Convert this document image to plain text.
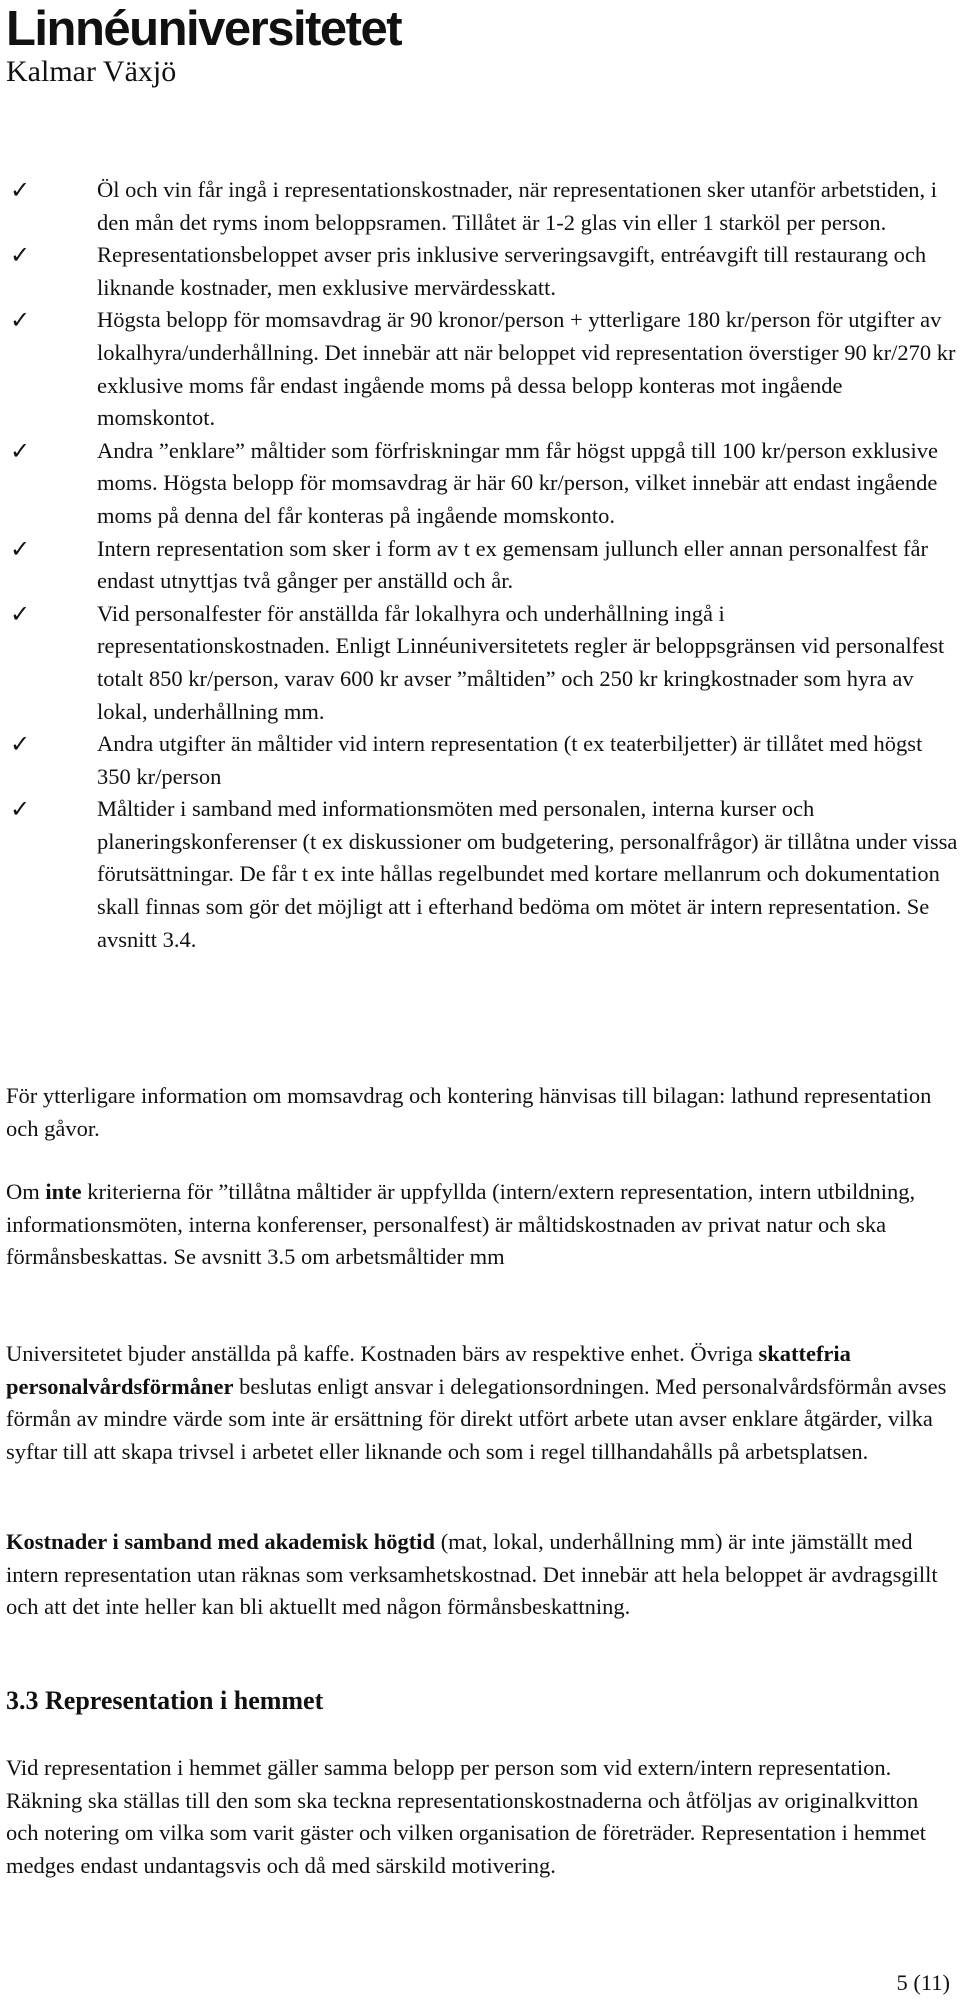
Linnéuniversitetet
Kalmar Växjö
✓	Öl och vin får ingå i representationskostnader, när representationen sker utanför arbetstiden, i den mån det ryms inom beloppsramen. Tillåtet är 1-2 glas vin eller 1 starköl per person.
✓	Representationsbeloppet avser pris inklusive serveringsavgift, entréavgift till restaurang och liknande kostnader, men exklusive mervärdesskatt.
✓	Högsta belopp för momsavdrag är 90 kronor/person + ytterligare 180 kr/person för utgifter av lokalhyra/underhållning. Det innebär att när beloppet vid representation överstiger 90 kr/270 kr exklusive moms får endast ingående moms på dessa belopp konteras mot ingående momskontot.
✓	Andra ”enklare” måltider som förfriskningar mm får högst uppgå till 100 kr/person exklusive moms. Högsta belopp för momsavdrag är här 60 kr/person, vilket innebär att endast ingående moms på denna del får konteras på ingående momskonto.
✓	Intern representation som sker i form av t ex gemensam jullunch eller annan personalfest får endast utnyttjas två gånger per anställd och år.
✓	Vid personalfester för anställda får lokalhyra och underhållning ingå i representationskostnaden. Enligt Linnéuniversitetets regler är beloppsgränsen vid personalfest totalt 850 kr/person, varav 600 kr avser ”måltiden” och 250 kr kringkostnader som hyra av lokal, underhållning mm.
✓	Andra utgifter än måltider vid intern representation (t ex teaterbiljetter) är tillåtet med högst 350 kr/person
✓	Måltider i samband med informationsmöten med personalen, interna kurser och planeringskonferenser (t ex diskussioner om budgetering, personalfrågor) är tillåtna under vissa förutsättningar. De får t ex inte hållas regelbundet med kortare mellanrum och dokumentation skall finnas som gör det möjligt att i efterhand bedöma om mötet är intern representation. Se avsnitt 3.4.

För ytterligare information om momsavdrag och kontering hänvisas till bilagan: lathund representation och gåvor.

Om inte kriterierna för ”tillåtna måltider är uppfyllda (intern/extern representation, intern utbildning, informationsmöten, interna konferenser, personalfest) är måltidskostnaden av privat natur och ska förmånsbeskattas. Se avsnitt 3.5 om arbetsmåltider mm

Universitetet bjuder anställda på kaffe. Kostnaden bärs av respektive enhet. Övriga skattefria personalvårdsförmåner beslutas enligt ansvar i delegationsordningen. Med personalvårdsförmån avses förmån av mindre värde som inte är ersättning för direkt utfört arbete utan avser enklare åtgärder, vilka syftar till att skapa trivsel i arbetet eller liknande och som i regel tillhandahålls på arbetsplatsen.

Kostnader i samband med akademisk högtid (mat, lokal, underhållning mm) är inte jämställt med intern representation utan räknas som verksamhetskostnad. Det innebär att hela beloppet är avdragsgillt och att det inte heller kan bli aktuellt med någon förmånsbeskattning.

3.3 Representation i hemmet

Vid representation i hemmet gäller samma belopp per person som vid extern/intern representation. Räkning ska ställas till den som ska teckna representationskostnaderna och åtföljas av originalkvitton och notering om vilka som varit gäster och vilken organisation de företräder. Representation i hemmet medges endast undantagsvis och då med särskild motivering.

5 (11)
